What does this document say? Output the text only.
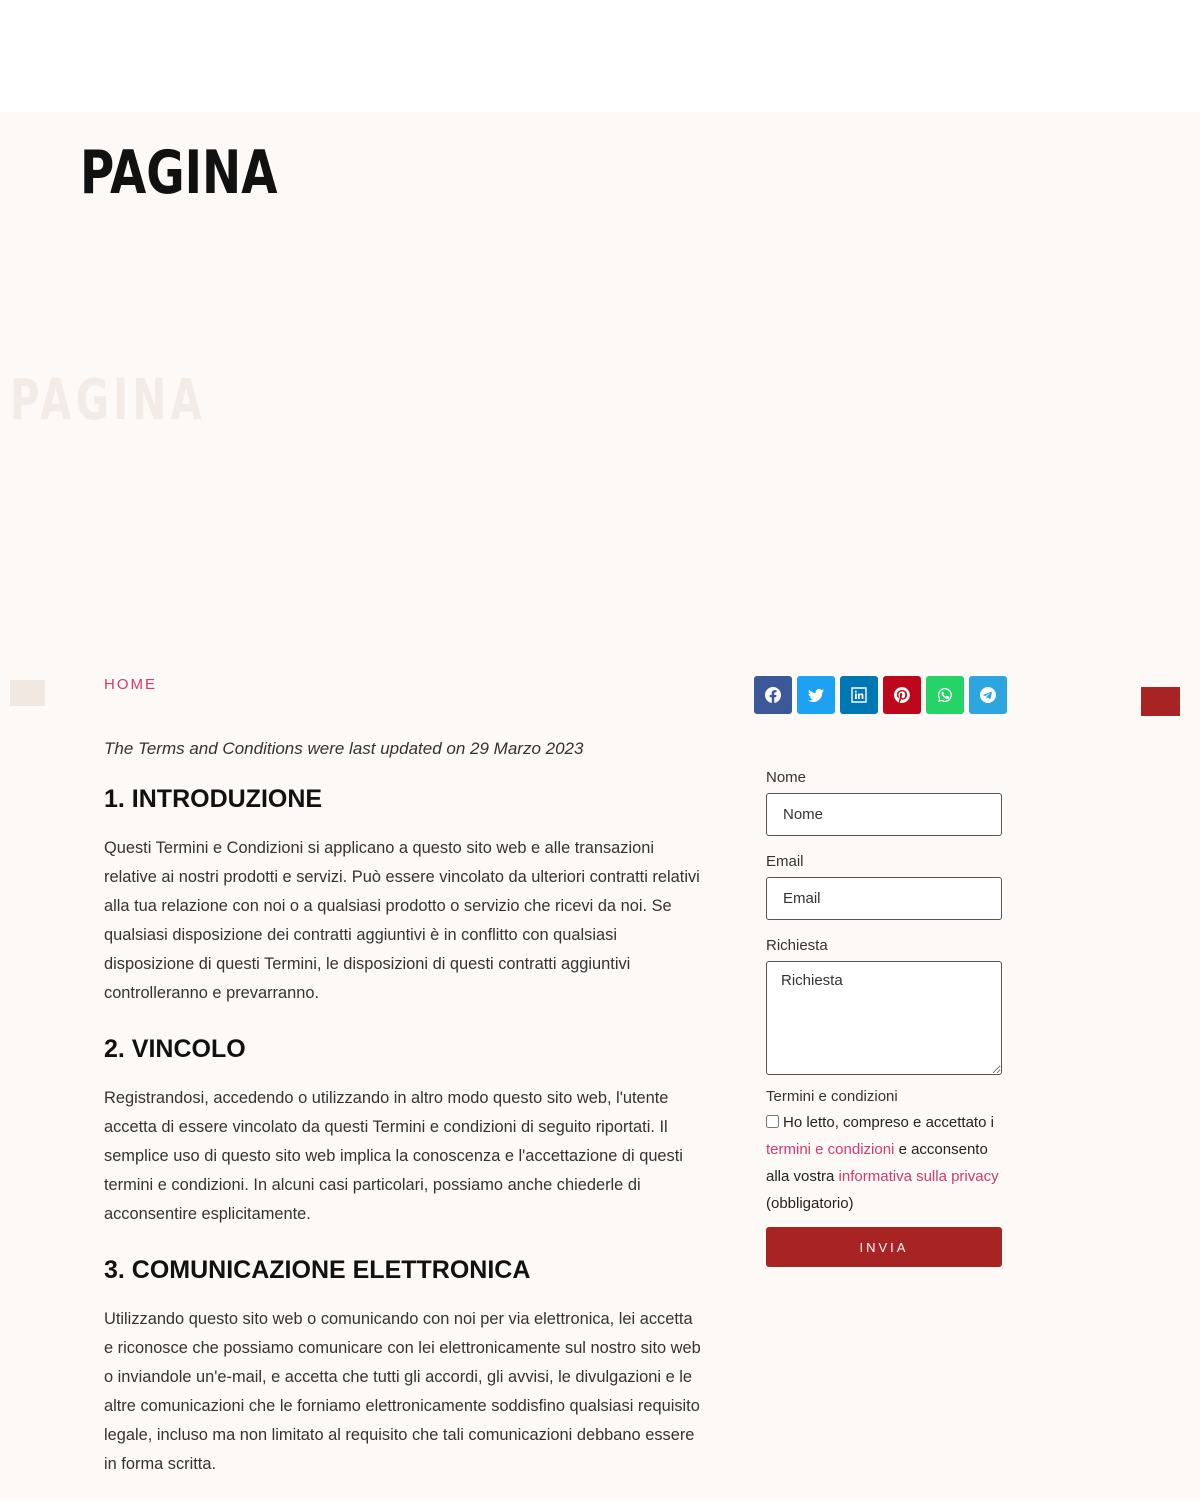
PAGINA
PAGINA
HOME

The Terms and Conditions were last updated on 29 Marzo 2023

1. INTRODUZIONE

Questi Termini e Condizioni si applicano a questo sito web e alle transazioni relative ai nostri prodotti e servizi. Può essere vincolato da ulteriori contratti relativi alla tua relazione con noi o a qualsiasi prodotto o servizio che ricevi da noi. Se qualsiasi disposizione dei contratti aggiuntivi è in conflitto con qualsiasi disposizione di questi Termini, le disposizioni di questi contratti aggiuntivi controlleranno e prevarranno.

2. VINCOLO

Registrandosi, accedendo o utilizzando in altro modo questo sito web, l'utente accetta di essere vincolato da questi Termini e condizioni di seguito riportati. Il semplice uso di questo sito web implica la conoscenza e l'accettazione di questi termini e condizioni. In alcuni casi particolari, possiamo anche chiederle di acconsentire esplicitamente.

3. COMUNICAZIONE ELETTRONICA

Utilizzando questo sito web o comunicando con noi per via elettronica, lei accetta e riconosce che possiamo comunicare con lei elettronicamente sul nostro sito web o inviandole un'e-mail, e accetta che tutti gli accordi, gli avvisi, le divulgazioni e le altre comunicazioni che le forniamo elettronicamente soddisfino qualsiasi requisito legale, incluso ma non limitato al requisito che tali comunicazioni debbano essere in forma scritta.

Nome
Nome
Email
Email
Richiesta
Richiesta
Termini e condizioni

Ho letto, compreso e accettato i termini e condizioni e acconsento alla vostra informativa sulla privacy (obbligatorio)

INVIA
